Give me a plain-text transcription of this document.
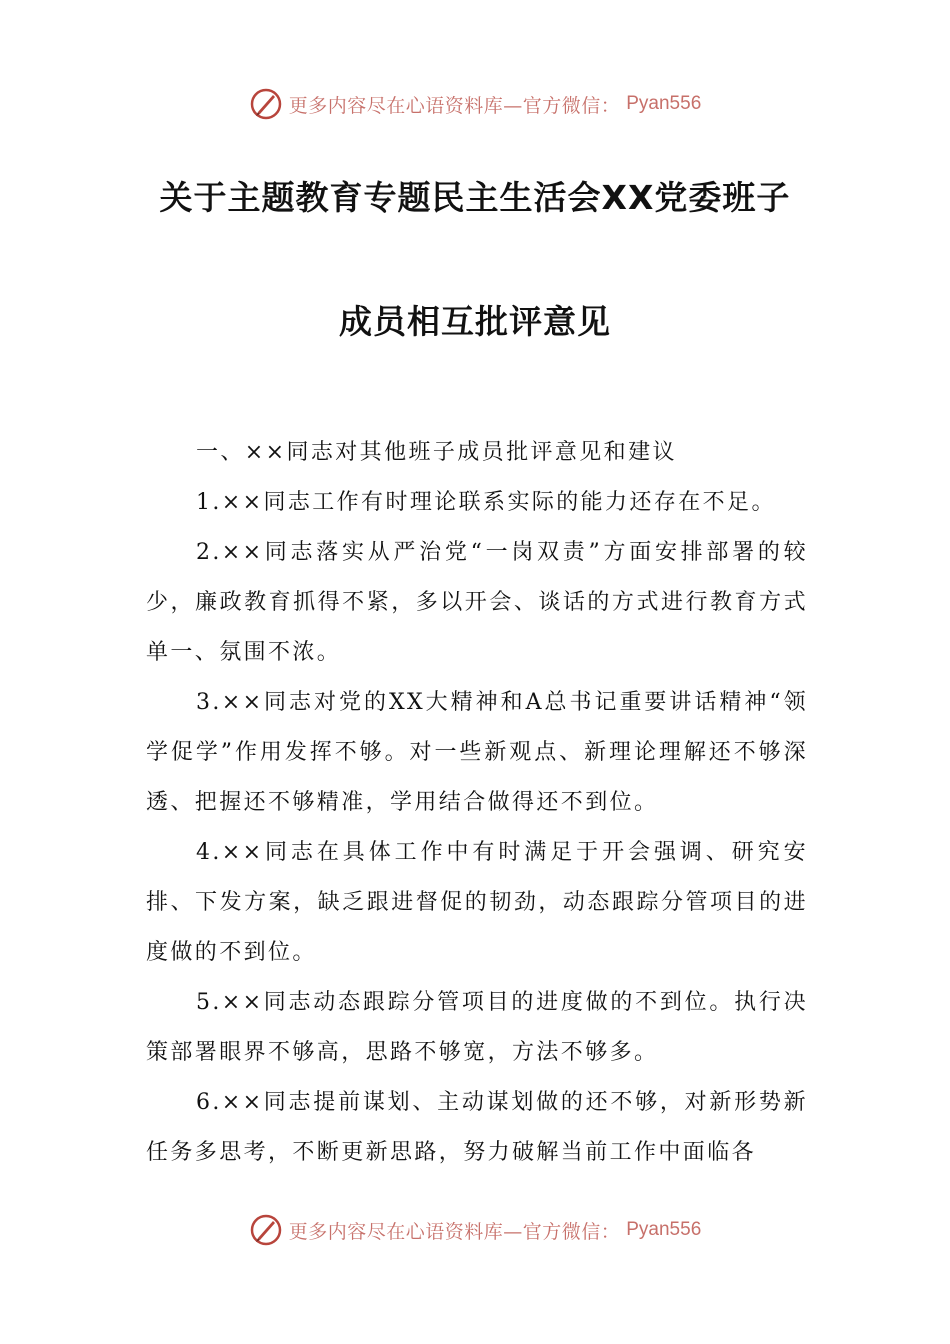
更多内容尽在心语资料库—官方微信： Pyan556
关于主题教育专题民主生活会XX党委班子
成员相互批评意见

一、××同志对其他班子成员批评意见和建议

1.××同志工作有时理论联系实际的能力还存在不足。

2.××同志落实从严治党“一岗双责”方面安排部署的较少，廉政教育抓得不紧，多以开会、谈话的方式进行教育方式单一、氛围不浓。

3.××同志对党的XX大精神和A总书记重要讲话精神“领学促学”作用发挥不够。对一些新观点、新理论理解还不够深透、把握还不够精准，学用结合做得还不到位。

4.××同志在具体工作中有时满足于开会强调、研究安排、下发方案，缺乏跟进督促的韧劲，动态跟踪分管项目的进度做的不到位。

5.××同志动态跟踪分管项目的进度做的不到位。执行决策部署眼界不够高，思路不够宽，方法不够多。

6.××同志提前谋划、主动谋划做的还不够，对新形势新任务多思考，不断更新思路，努力破解当前工作中面临各

更多内容尽在心语资料库—官方微信： Pyan556
